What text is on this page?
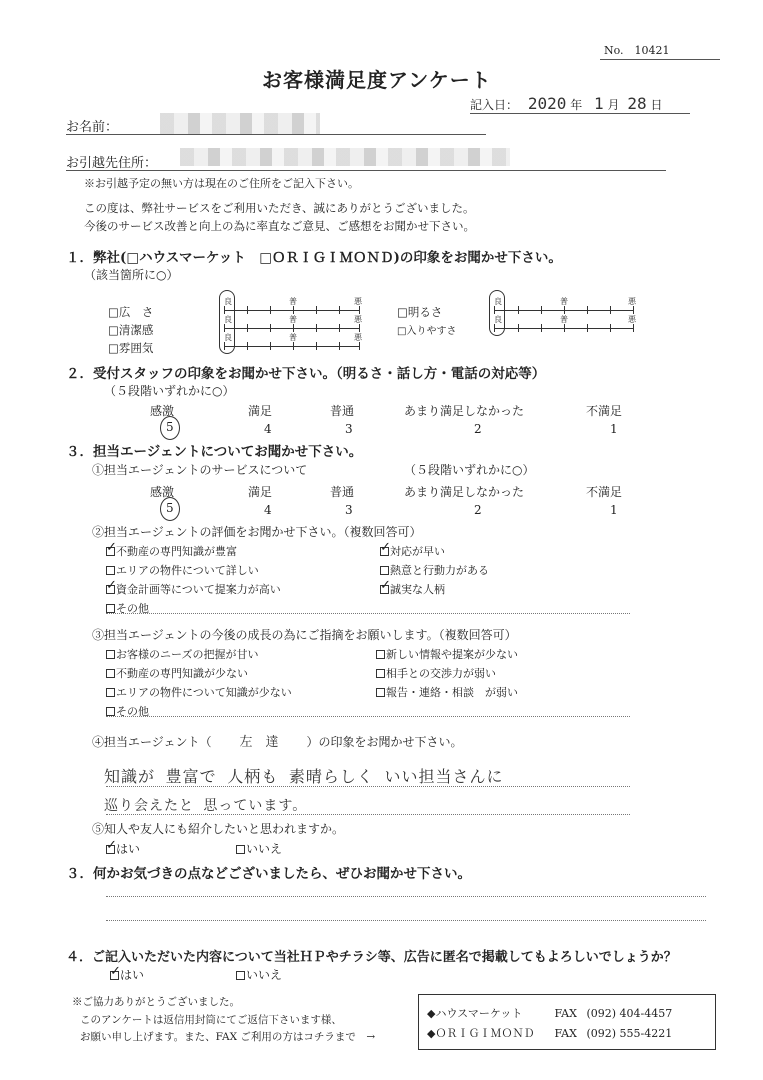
No.　10421
お客様満足度アンケート
記入日： 2020 年 1 月 28 日
お名前：
お引越先住所：
※お引越予定の無い方は現在のご住所をご記入下さい。
この度は、弊社サービスをご利用いただき、誠にありがとうございました。
今後のサービス改善と向上の為に率直なご意見、ご感想をお聞かせ下さい。
１．弊社(□ハウスマーケット　□ＯＲＩＧＩＭＯＮＤ)の印象をお聞かせ下さい。
（該当箇所に○）
□広　さ
□清潔感
□雰囲気
□明るさ
□入りやすさ
良	普	悪
良	普	悪
良	普	悪
良	普	悪
良	普	悪
２．受付スタッフの印象をお聞かせ下さい。（明るさ・話し方・電話の対応等）
（５段階いずれかに○）
感激	満足	普通	あまり満足しなかった	不満足
5	4	3	2	1
３．担当エージェントについてお聞かせ下さい。
①担当エージェントのサービスについて	（５段階いずれかに○）
感激	満足	普通	あまり満足しなかった	不満足
5	4	3	2	1
②担当エージェントの評価をお聞かせ下さい。（複数回答可）
✓不動産の専門知識が豊富
エリアの物件について詳しい
✓資金計画等について提案力が高い
その他
✓対応が早い
熱意と行動力がある
✓誠実な人柄
③担当エージェントの今後の成長の為にご指摘をお願いします。（複数回答可）
お客様のニーズの把握が甘い
不動産の専門知識が少ない
エリアの物件について知識が少ない
その他
新しい情報や提案が少ない
相手との交渉力が弱い
報告・連絡・相談　が弱い
④担当エージェント（ 左　達 ）の印象をお聞かせ下さい。
知識が 豊富で 人柄も 素晴らしく いい担当さんに
巡り会えたと 思っています。
⑤知人や友人にも紹介したいと思われますか。
✓はい	いいえ
３．何かお気づきの点などございましたら、ぜひお聞かせ下さい。
４．ご記入いただいた内容について当社ＨＰやチラシ等、広告に匿名で掲載してもよろしいでしょうか？
✓はい	いいえ
※ご協力ありがとうございました。
このアンケートは返信用封筒にてご返信下さいます様、
お願い申し上げます。また、FAX ご利用の方はコチラまで　→
◆ハウスマーケット	FAX (092) 404-4457
◆ＯＲＩＧＩＭＯＮＤ FAX (092) 555-4221
